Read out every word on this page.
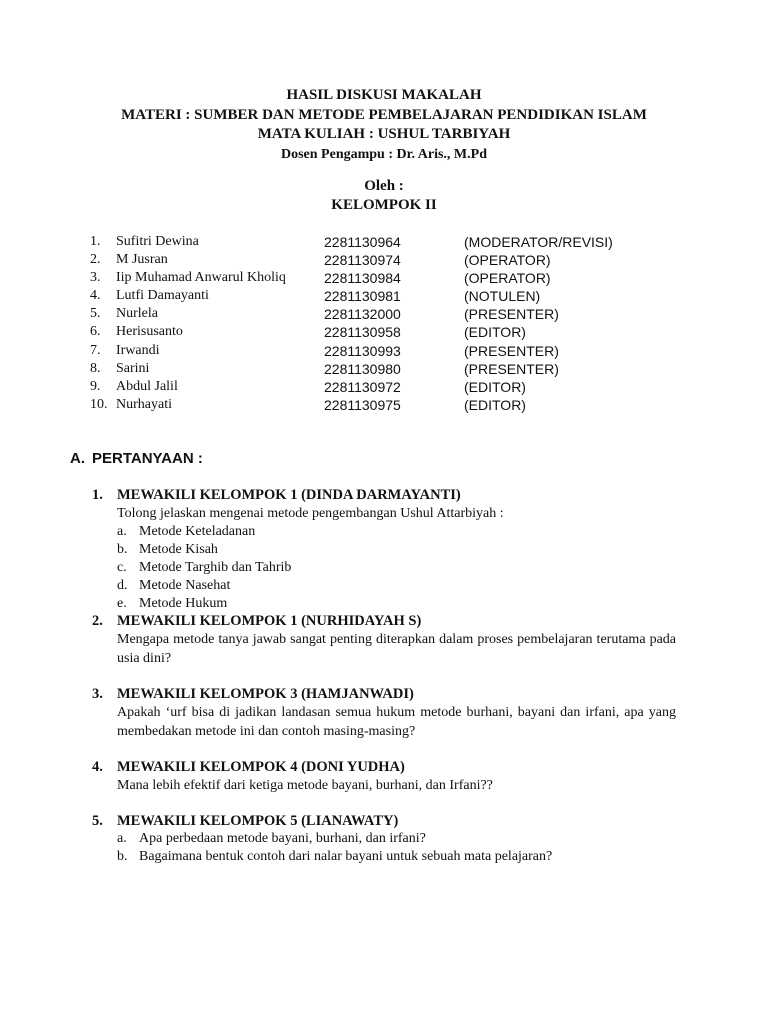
HASIL DISKUSI MAKALAH
MATERI : SUMBER DAN METODE PEMBELAJARAN PENDIDIKAN ISLAM
MATA KULIAH : USHUL TARBIYAH
Dosen Pengampu : Dr. Aris., M.Pd
Oleh :
KELOMPOK II
1.	Sufitri Dewina	2281130964	(MODERATOR/REVISI)
2.	M Jusran	2281130974	(OPERATOR)
3.	Iip Muhamad Anwarul Kholiq	2281130984	(OPERATOR)
4.	Lutfi Damayanti	2281130981	(NOTULEN)
5.	Nurlela	2281132000	(PRESENTER)
6.	Herisusanto	2281130958	(EDITOR)
7.	Irwandi	2281130993	(PRESENTER)
8.	Sarini	2281130980	(PRESENTER)
9.	Abdul Jalil	2281130972	(EDITOR)
10. Nurhayati	2281130975	(EDITOR)
A. PERTANYAAN :
1. MEWAKILI KELOMPOK 1 (DINDA DARMAYANTI)
Tolong jelaskan mengenai metode pengembangan Ushul Attarbiyah :
a. Metode Keteladanan
b. Metode Kisah
c. Metode Targhib dan Tahrib
d. Metode Nasehat
e. Metode Hukum
2. MEWAKILI KELOMPOK 1 (NURHIDAYAH S)
Mengapa metode tanya jawab sangat penting diterapkan dalam proses pembelajaran terutama pada usia dini?
3. MEWAKILI KELOMPOK 3 (HAMJANWADI)
Apakah ‘urf bisa di jadikan landasan semua hukum metode burhani, bayani dan irfani, apa yang membedakan metode ini dan contoh masing-masing?
4. MEWAKILI KELOMPOK 4 (DONI YUDHA)
Mana lebih efektif dari ketiga metode bayani, burhani, dan Irfani??
5. MEWAKILI KELOMPOK 5 (LIANAWATY)
a. Apa perbedaan metode bayani, burhani, dan irfani?
b. Bagaimana bentuk contoh dari nalar bayani untuk sebuah mata pelajaran?
